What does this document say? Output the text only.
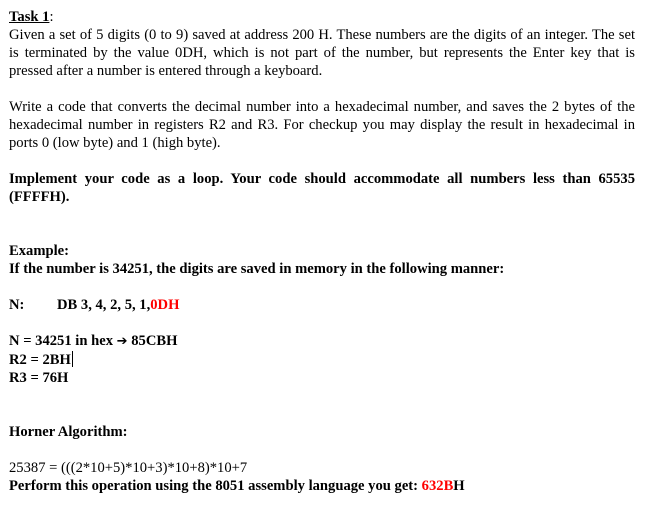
Task 1:

Given a set of 5 digits (0 to 9) saved at address 200 H. These numbers are the digits of an integer. The set is terminated by the value 0DH, which is not part of the number, but represents the Enter key that is pressed after a number is entered through a keyboard.

Write a code that converts the decimal number into a hexadecimal number, and saves the 2 bytes of the hexadecimal number in registers R2 and R3. For checkup you may display the result in hexadecimal in ports 0 (low byte) and 1 (high byte).

Implement your code as a loop. Your code should accommodate all numbers less than 65535 (FFFFH).

Example:

If the number is 34251, the digits are saved in memory in the following manner:

N: DB 3, 4, 2, 5, 1,0DH

N = 34251 in hex ➔ 85CBH

R2 = 2BH

R3 = 76H

Horner Algorithm:

25387 = (((2*10+5)*10+3)*10+8)*10+7

Perform this operation using the 8051 assembly language you get: 632BH
